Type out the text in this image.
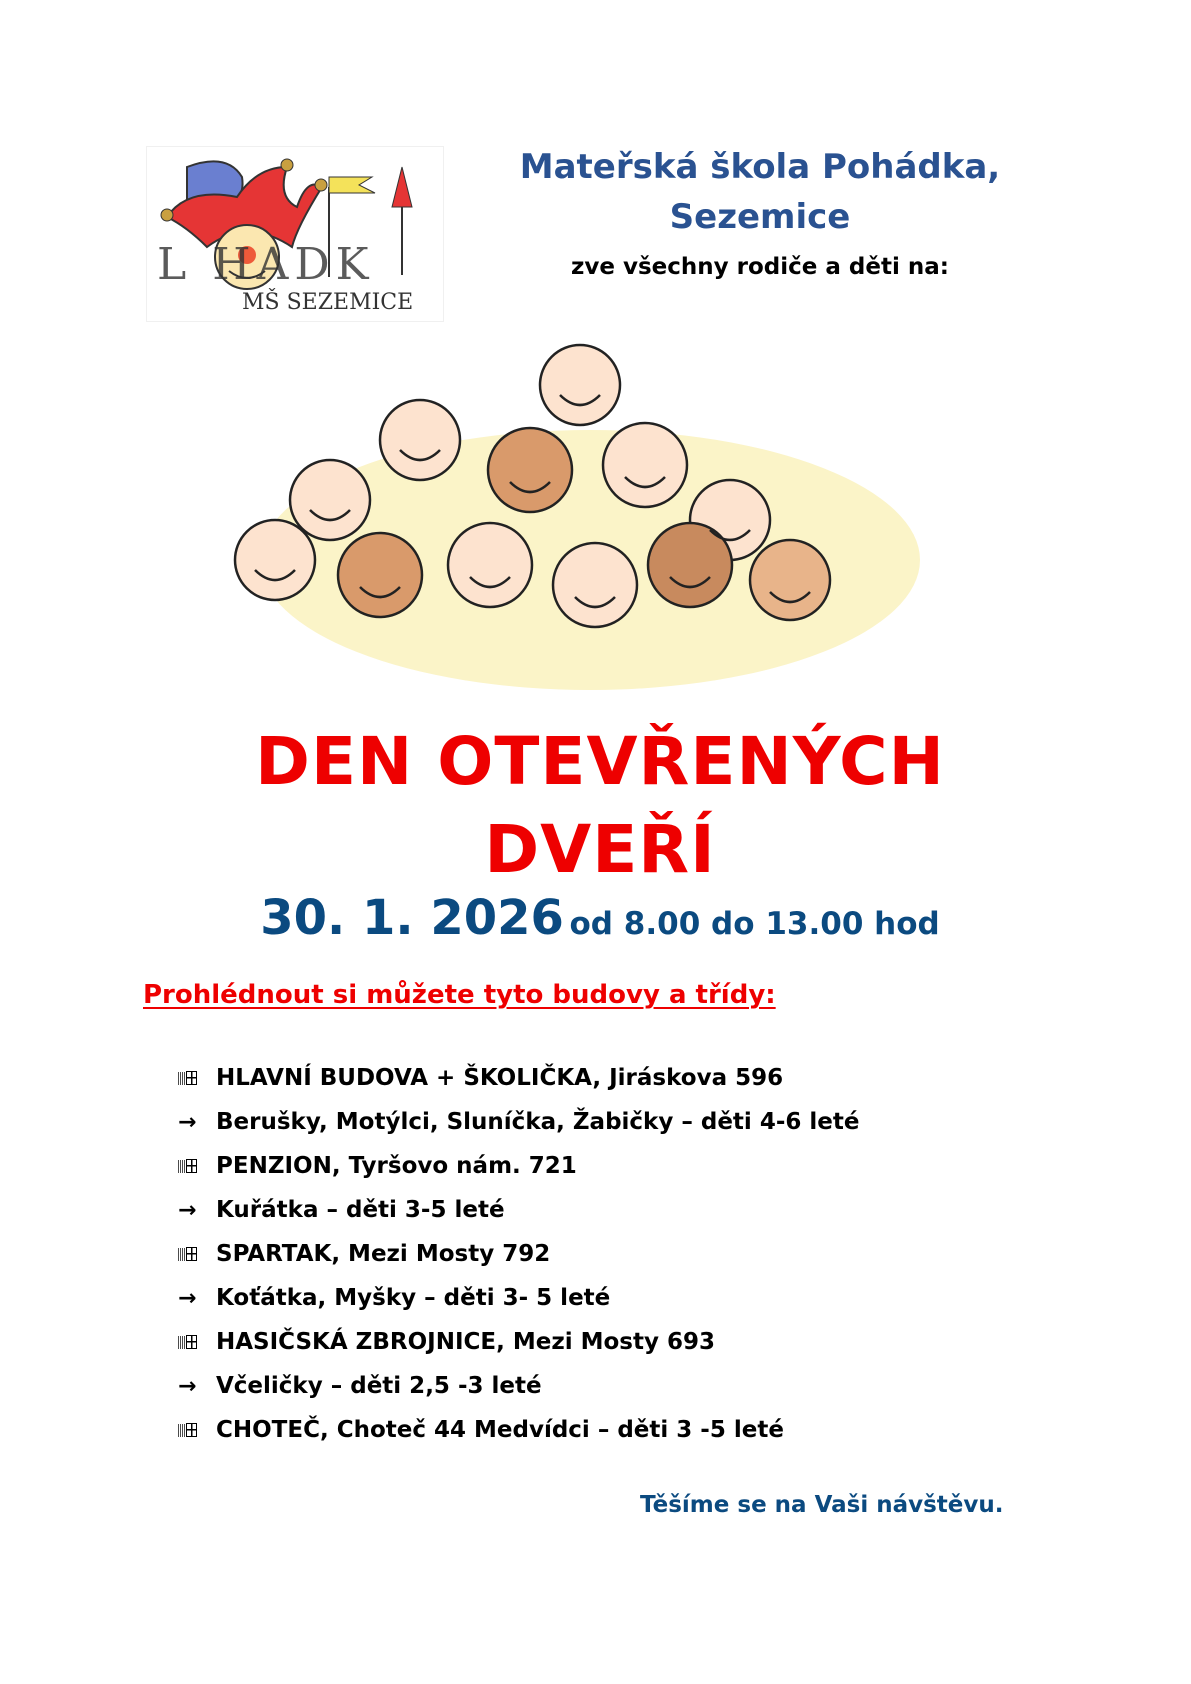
L HADK
MŠ SEZEMICE
Mateřská škola Pohádka,
Sezemice
zve všechny rodiče a děti na:
DEN OTEVŘENÝCH
DVEŘÍ
30. 1. 2026 od 8.00 do 13.00 hod
Prohlédnout si můžete tyto budovy a třídy:
HLAVNÍ BUDOVA + ŠKOLIČKA, Jiráskova 596
→ Berušky, Motýlci, Sluníčka, Žabičky – děti 4-6 leté
PENZION, Tyršovo nám. 721
→ Kuřátka – děti 3-5 leté
SPARTAK, Mezi Mosty 792
→ Koťátka, Myšky – děti 3- 5 leté
HASIČSKÁ ZBROJNICE, Mezi Mosty 693
→ Včeličky – děti 2,5 -3 leté
CHOTEČ, Choteč 44 Medvídci – děti 3 -5 leté
Těšíme se na Vaši návštěvu.
